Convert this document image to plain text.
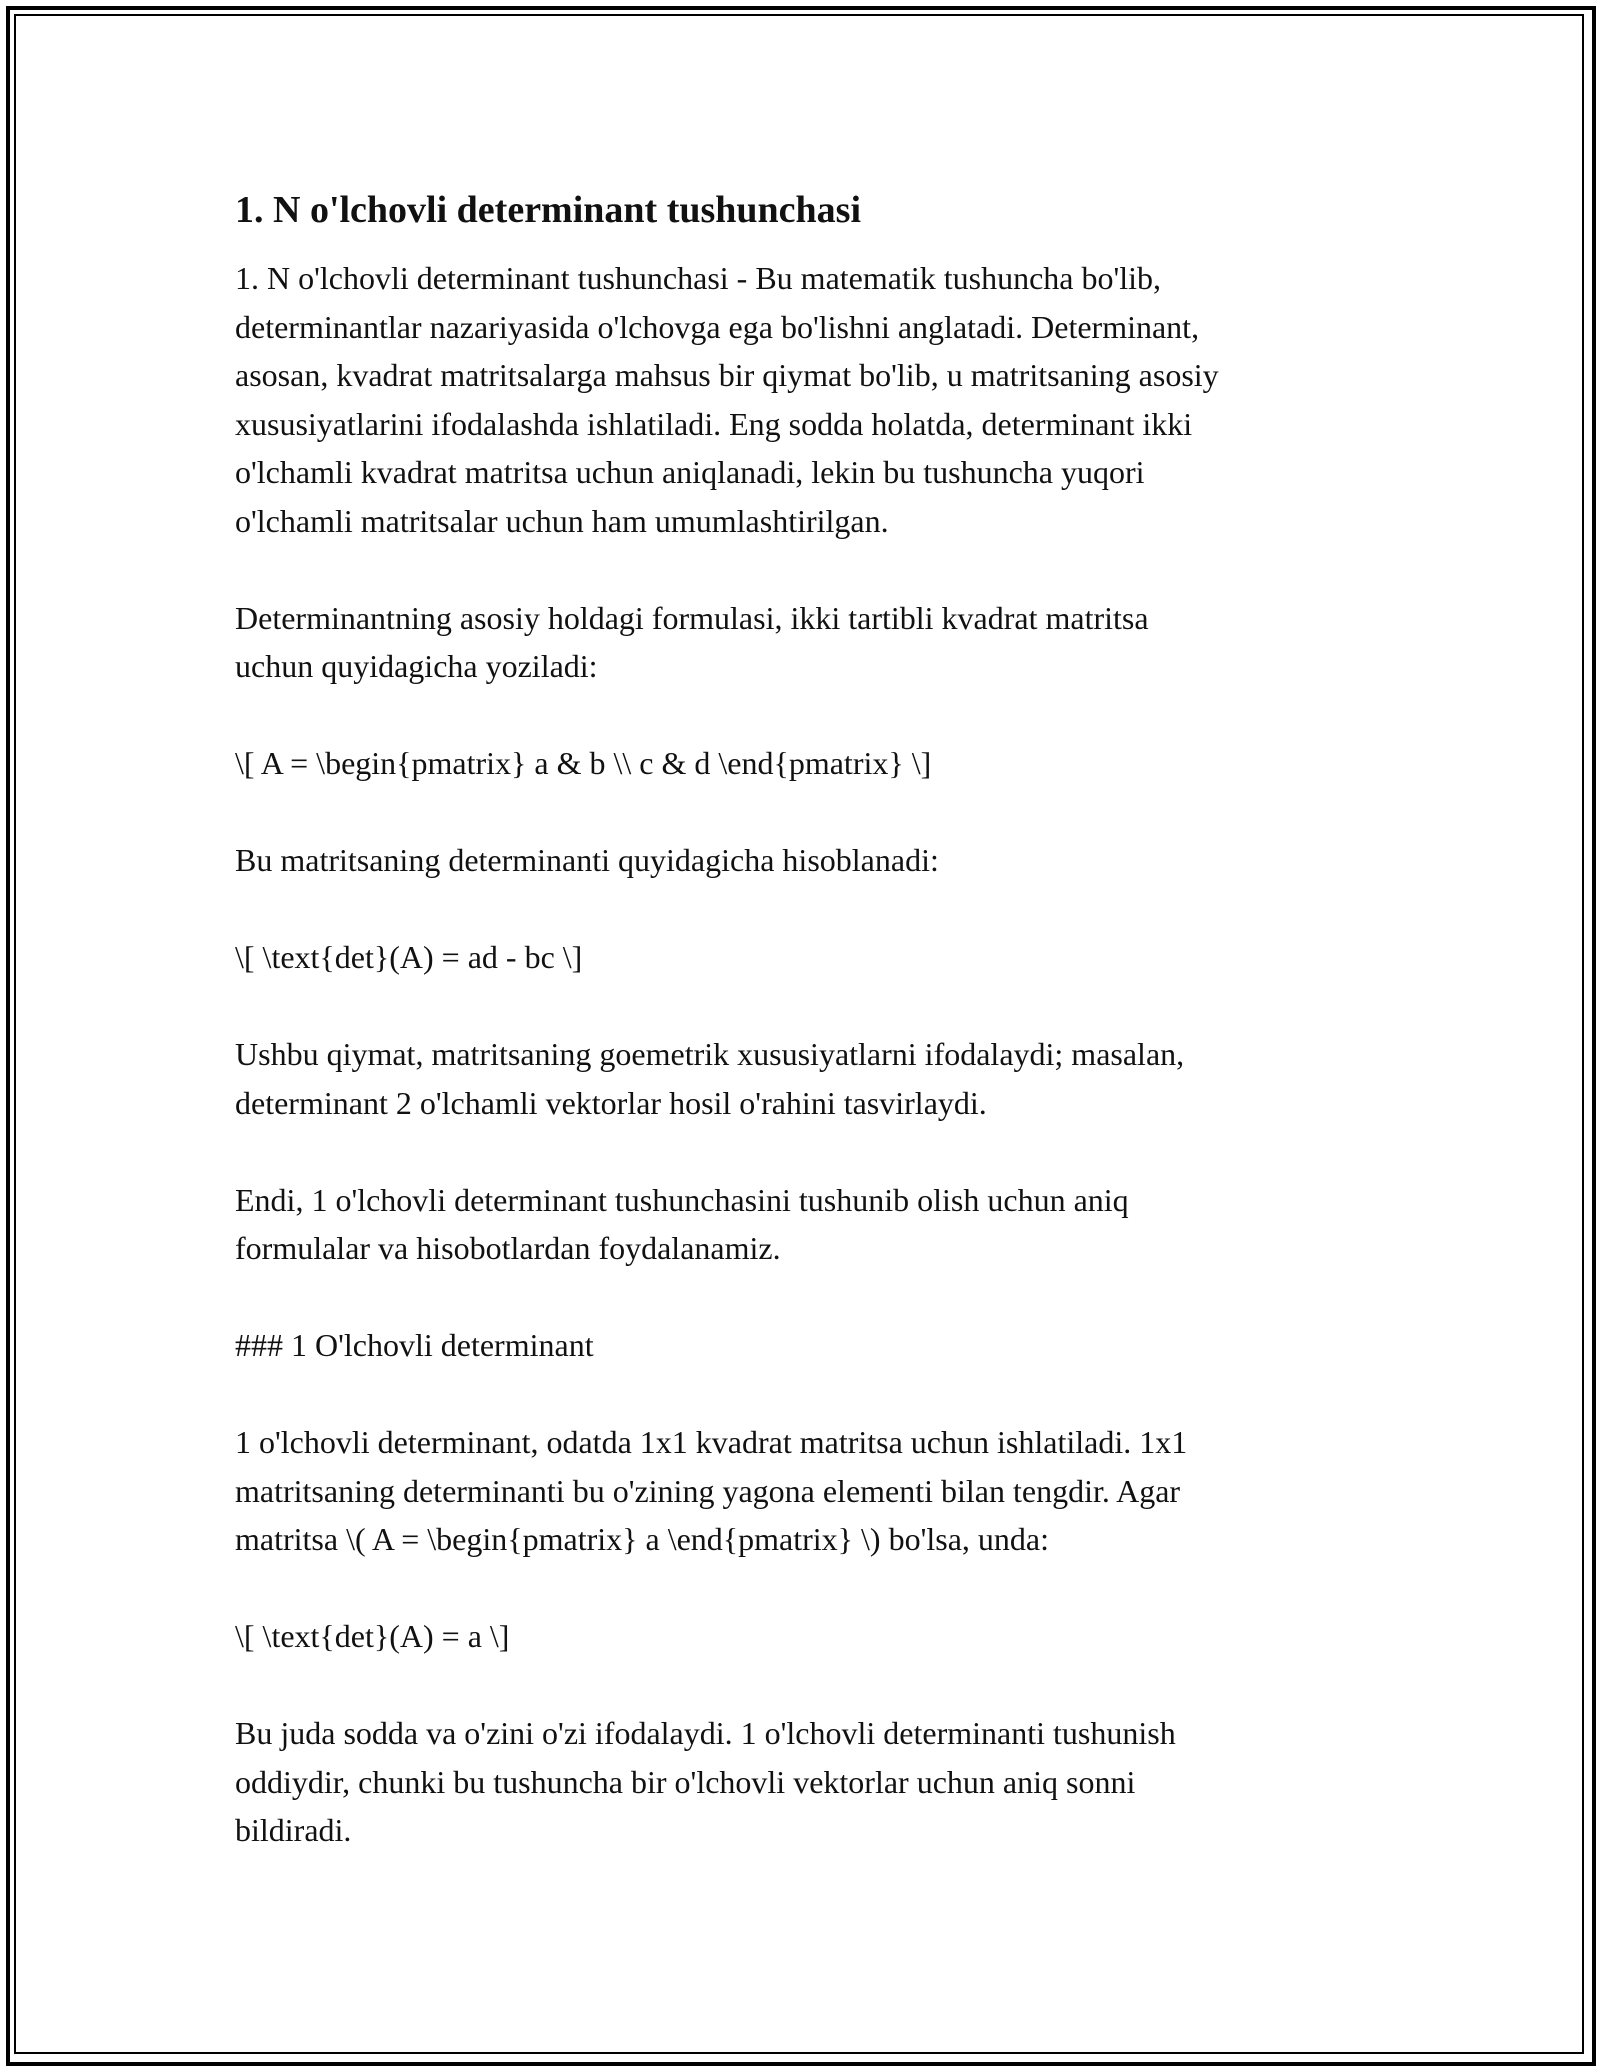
1. N o'lchovli determinant tushunchasi

1. N o'lchovli determinant tushunchasi - Bu matematik tushuncha bo'lib,
determinantlar nazariyasida o'lchovga ega bo'lishni anglatadi. Determinant,
asosan, kvadrat matritsalarga mahsus bir qiymat bo'lib, u matritsaning asosiy
xususiyatlarini ifodalashda ishlatiladi. Eng sodda holatda, determinant ikki
o'lchamli kvadrat matritsa uchun aniqlanadi, lekin bu tushuncha yuqori
o'lchamli matritsalar uchun ham umumlashtirilgan.

Determinantning asosiy holdagi formulasi, ikki tartibli kvadrat matritsa
uchun quyidagicha yoziladi:

\[ A = \begin{pmatrix} a & b \\ c & d \end{pmatrix} \]

Bu matritsaning determinanti quyidagicha hisoblanadi:

\[ \text{det}(A) = ad - bc \]

Ushbu qiymat, matritsaning goemetrik xususiyatlarni ifodalaydi; masalan,
determinant 2 o'lchamli vektorlar hosil o'rahini tasvirlaydi.

Endi, 1 o'lchovli determinant tushunchasini tushunib olish uchun aniq
formulalar va hisobotlardan foydalanamiz.

### 1 O'lchovli determinant

1 o'lchovli determinant, odatda 1x1 kvadrat matritsa uchun ishlatiladi. 1x1
matritsaning determinanti bu o'zining yagona elementi bilan tengdir. Agar
matritsa \( A = \begin{pmatrix} a \end{pmatrix} \) bo'lsa, unda:

\[ \text{det}(A) = a \]

Bu juda sodda va o'zini o'zi ifodalaydi. 1 o'lchovli determinanti tushunish
oddiydir, chunki bu tushuncha bir o'lchovli vektorlar uchun aniq sonni
bildiradi.
